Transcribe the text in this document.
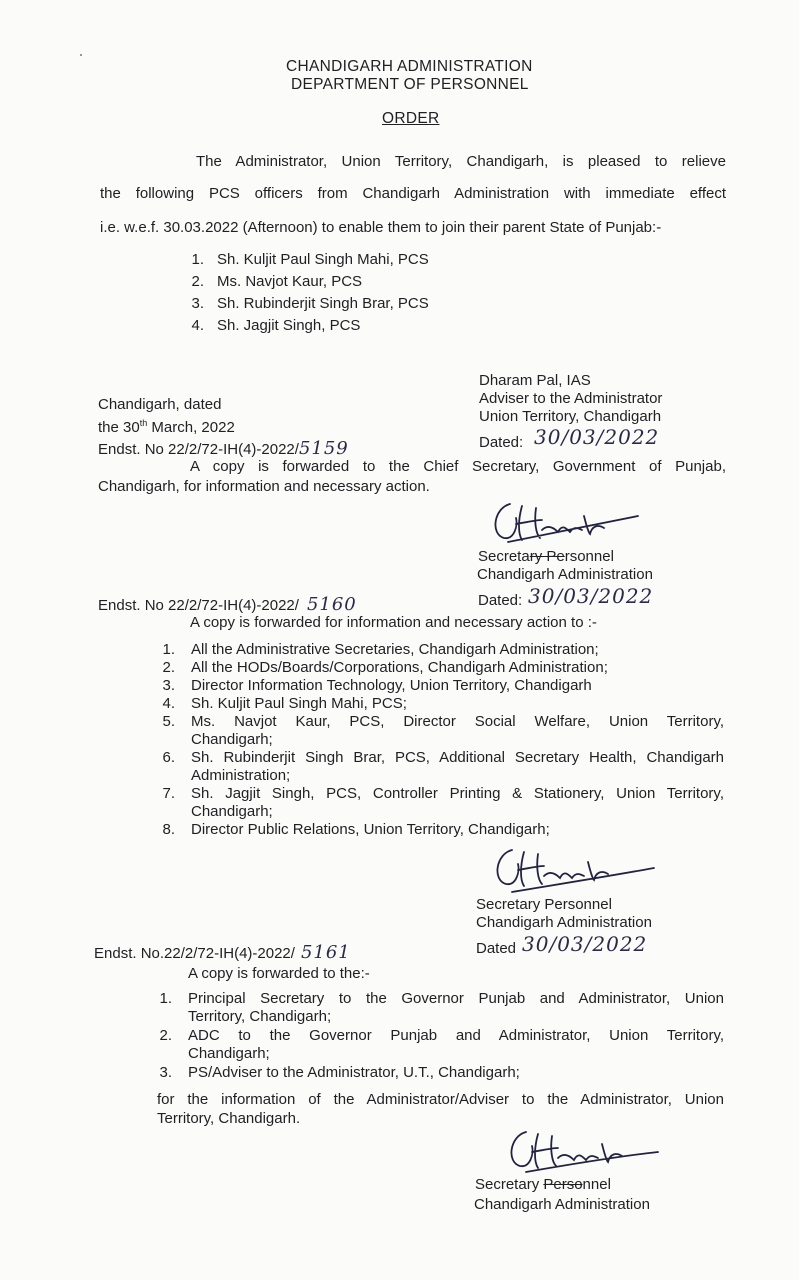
CHANDIGARH ADMINISTRATION
DEPARTMENT OF PERSONNEL
ORDER
The Administrator, Union Territory, Chandigarh, is pleased to relieve
the following PCS officers from Chandigarh Administration with immediate effect
i.e. w.e.f. 30.03.2022 (Afternoon) to enable them to join their parent State of Punjab:-
1. Sh. Kuljit Paul Singh Mahi, PCS
2. Ms. Navjot Kaur, PCS
3. Sh. Rubinderjit Singh Brar, PCS
4. Sh. Jagjit Singh, PCS
Dharam Pal, IAS
Adviser to the Administrator
Union Territory, Chandigarh
Dated: 30/03/2022
Chandigarh, dated
the 30th March, 2022
Endst. No 22/2/72-IH(4)-2022/5159
A copy is forwarded to the Chief Secretary, Government of Punjab,
Chandigarh, for information and necessary action.
Secretary Personnel
Chandigarh Administration
Endst. No 22/2/72-IH(4)-2022/ 5160	Dated: 30/03/2022
A copy is forwarded for information and necessary action to :-
1. All the Administrative Secretaries, Chandigarh Administration;
2. All the HODs/Boards/Corporations, Chandigarh Administration;
3. Director Information Technology, Union Territory, Chandigarh
4. Sh. Kuljit Paul Singh Mahi, PCS;
5. Ms. Navjot Kaur, PCS, Director Social Welfare, Union Territory,
Chandigarh;
6. Sh. Rubinderjit Singh Brar, PCS, Additional Secretary Health, Chandigarh
Administration;
7. Sh. Jagjit Singh, PCS, Controller Printing & Stationery, Union Territory,
Chandigarh;
8. Director Public Relations, Union Territory, Chandigarh;
Secretary Personnel
Chandigarh Administration
Endst. No.22/2/72-IH(4)-2022/ 5161	Dated 30/03/2022
A copy is forwarded to the:-
1. Principal Secretary to the Governor Punjab and Administrator, Union
Territory, Chandigarh;
2. ADC to the Governor Punjab and Administrator, Union Territory,
Chandigarh;
3. PS/Adviser to the Administrator, U.T., Chandigarh;
for the information of the Administrator/Adviser to the Administrator, Union
Territory, Chandigarh.
Secretary Personnel
Chandigarh Administration
